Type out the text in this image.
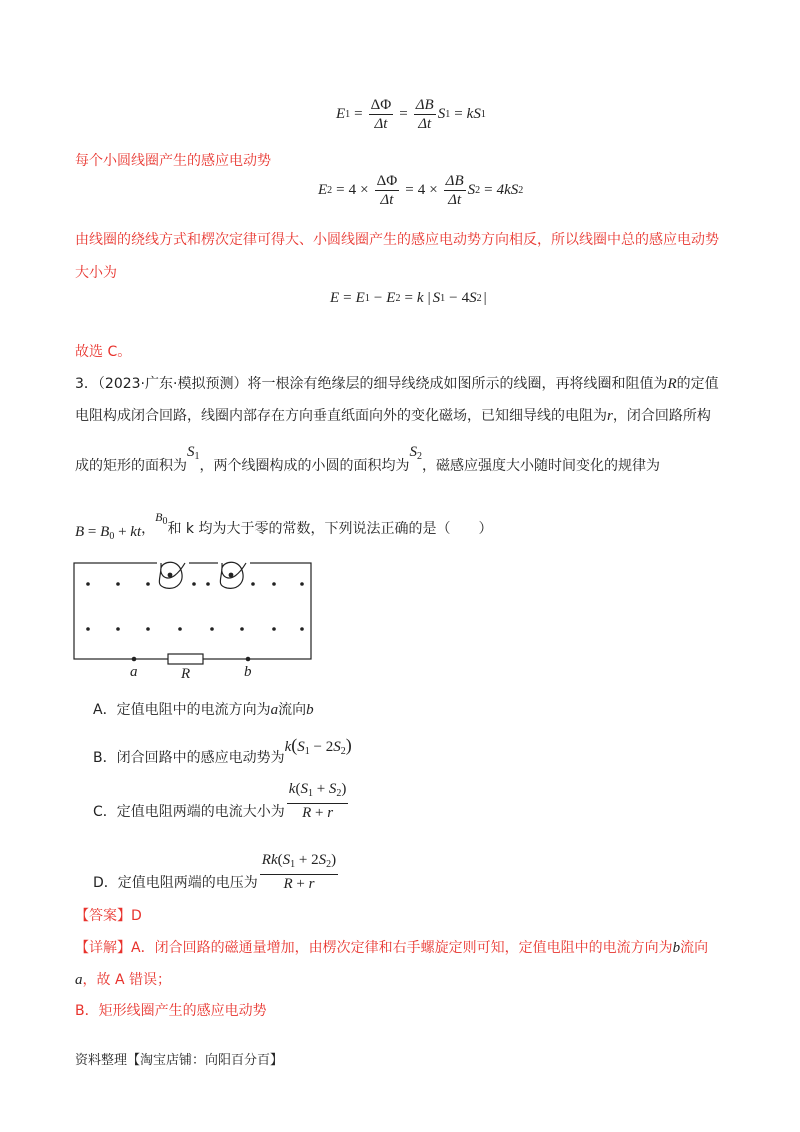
E $1 = \frac{\Delta\Phi}{\Delta t} = \frac{\Delta B}{\Delta t}$ S 1 = kS 1
每个小圆线圈产生的感应电动势
E $2 = 4 \times \frac{\Delta\Phi}{\Delta t} = 4 \times \frac{\Delta B}{\Delta t}$ S 2 = 4kS 2
由线圈的绕线方式和楞次定律可得大、小圆线圈产生的感应电动势方向相反，所以线圈中总的感应电动势
大小为
E = E 1 − E 2 = k | S 1 − 4 S 2 |
故选 C。
3．（2023·广东·模拟预测）将一根涂有绝缘层的细导线绕成如图所示的线圈，再将线圈和阻值为R的定值
电阻构成闭合回路，线圈内部存在方向垂直纸面向外的变化磁场，已知细导线的电阻为r，闭合回路所构
成的矩形的面积为$S_1$，两个线圈构成的小圆的面积均为$S_2$，磁感应强度大小随时间变化的规律为
$B = B_0$ + kt，$B_0$和 k 均为大于零的常数，下列说法正确的是（　　）
a	b
R
A． 定值电阻中的电流方向为 a 流向 b
B． 闭合回路中的感应电动势为
$k(S_1 - 2S_2)$
C． 定值电阻两端的电流大小为 $\frac{k(S_1 + S_2)}{R + r}$
D． 定值电阻两端的电压为 $\frac{Rk(S_1 + 2S_2)}{R + r}$
【答案】D
【详解】A．闭合回路的磁通量增加，由楞次定律和右手螺旋定则可知，定值电阻中的电流方向为b流向
a，故 A 错误；
B．矩形线圈产生的感应电动势
资料整理【淘宝店铺：向阳百分百】
